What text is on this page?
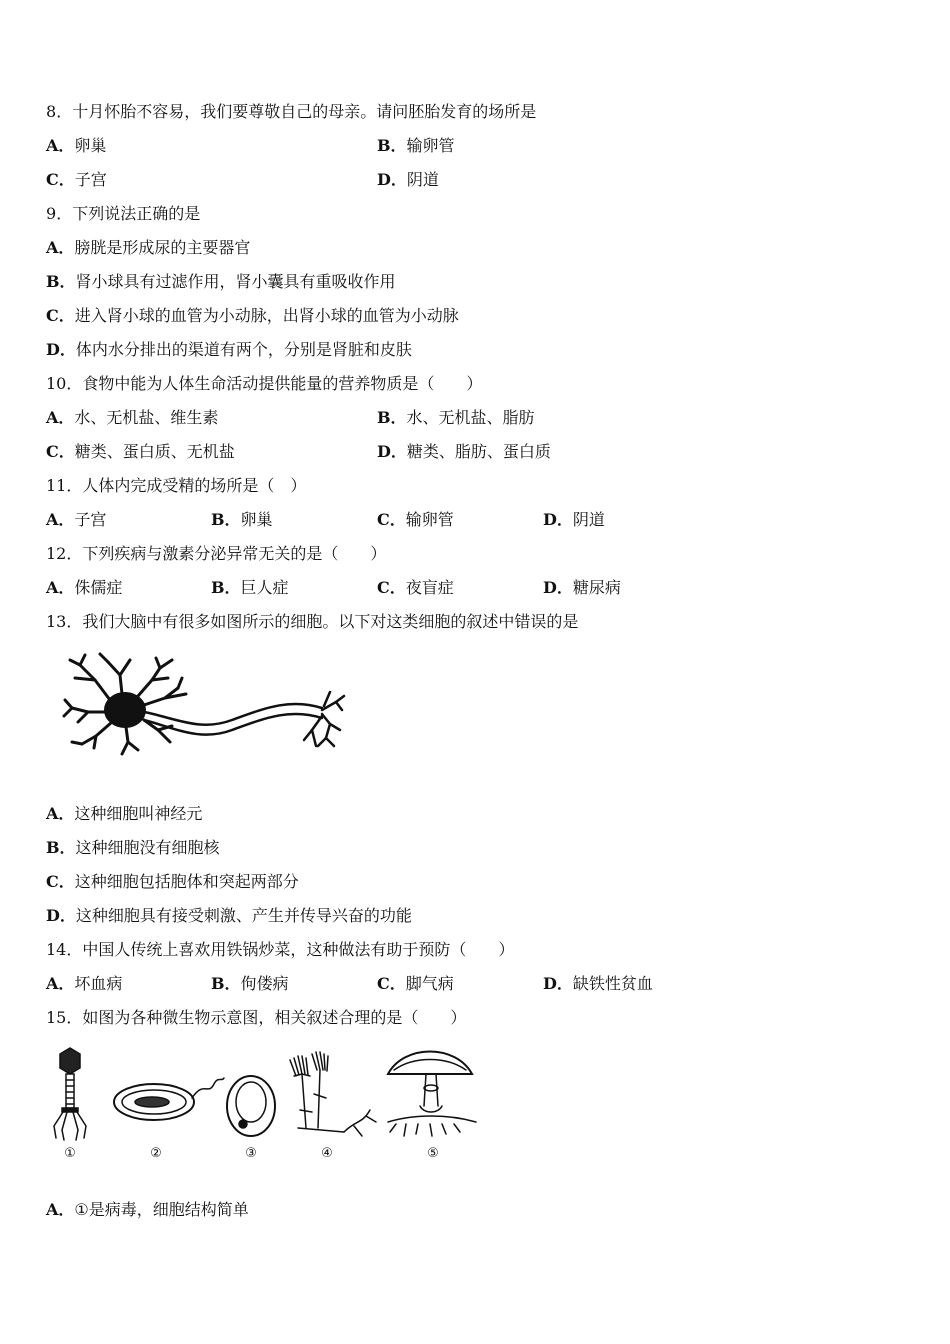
8．十月怀胎不容易，我们要尊敬自己的母亲。请问胚胎发育的场所是
A．卵巢	B．输卵管
C．子宫	D．阴道
9．下列说法正确的是
A．膀胱是形成尿的主要器官
B．肾小球具有过滤作用，肾小囊具有重吸收作用
C．进入肾小球的血管为小动脉，出肾小球的血管为小动脉
D．体内水分排出的渠道有两个，分别是肾脏和皮肤
10．食物中能为人体生命活动提供能量的营养物质是（　　）
A．水、无机盐、维生素	B．水、无机盐、脂肪
C．糖类、蛋白质、无机盐	D．糖类、脂肪、蛋白质
11．人体内完成受精的场所是（　）
A．子宫	B．卵巢	C．输卵管	D．阴道
12．下列疾病与激素分泌异常无关的是（　　）
A．侏儒症	B．巨人症	C．夜盲症	D．糖尿病
13．我们大脑中有很多如图所示的细胞。以下对这类细胞的叙述中错误的是
A．这种细胞叫神经元
B．这种细胞没有细胞核
C．这种细胞包括胞体和突起两部分
D．这种细胞具有接受刺激、产生并传导兴奋的功能
14．中国人传统上喜欢用铁锅炒菜，这种做法有助于预防（　　）
A．坏血病	B．佝偻病	C．脚气病	D．缺铁性贫血
15．如图为各种微生物示意图，相关叙述合理的是（　　）
①	②	③	④	⑤
A．①是病毒，细胞结构简单
